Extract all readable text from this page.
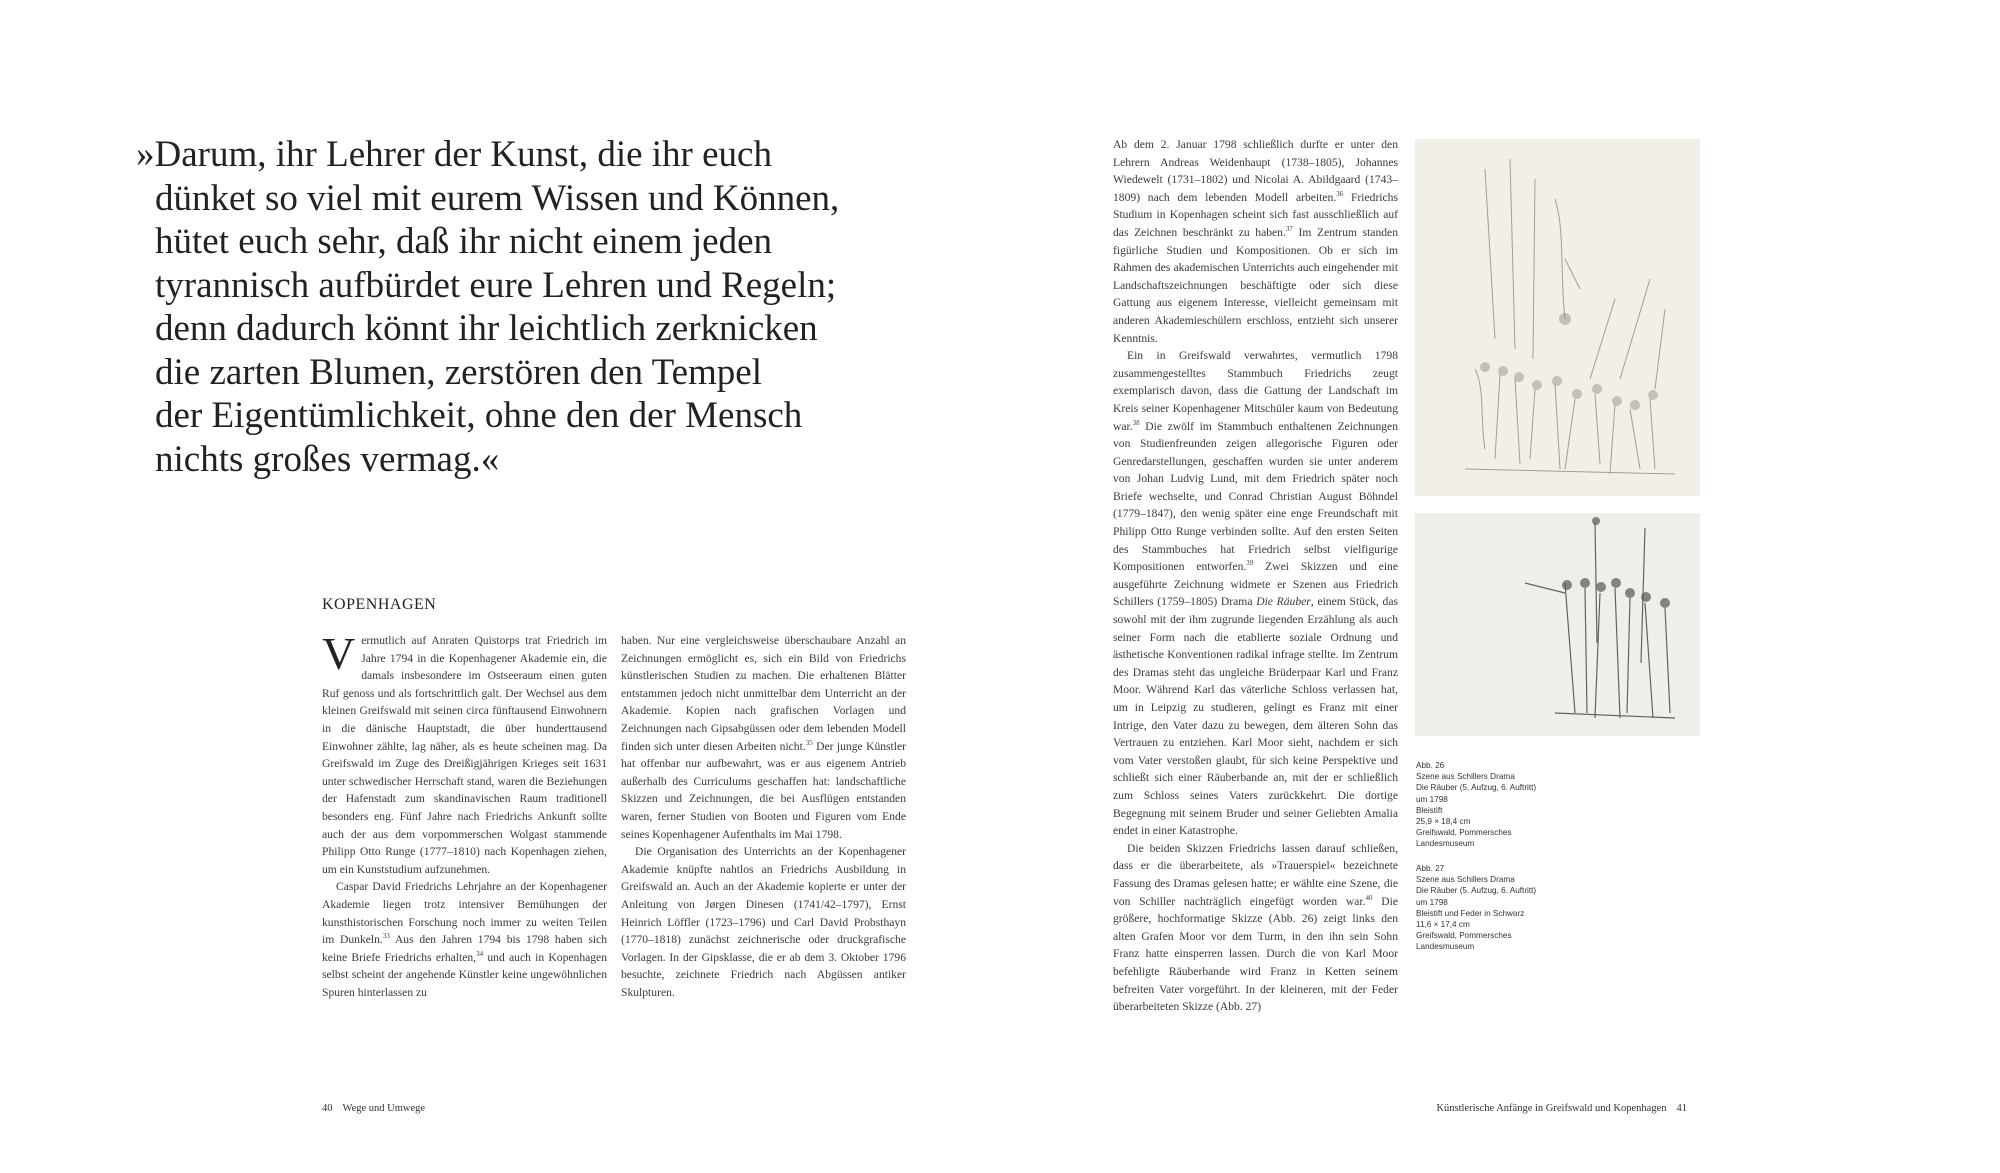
»Darum, ihr Lehrer der Kunst, die ihr euch
dünket so viel mit eurem Wissen und Können,
hütet euch sehr, daß ihr nicht einem jeden
tyrannisch aufbürdet eure Lehren und Regeln;
denn dadurch könnt ihr leichtlich zerknicken
die zarten Blumen, zerstören den Tempel
der Eigentümlichkeit, ohne den der Mensch
nichts großes vermag.«
KOPENHAGEN

Vermutlich auf Anraten Quistorps trat Friedrich im Jahre 1794 in die Kopenhagener Akademie ein, die damals insbesondere im Ostseeraum einen guten Ruf genoss und als fortschrittlich galt. Der Wechsel aus dem kleinen Greifswald mit seinen circa fünftausend Einwohnern in die dänische Hauptstadt, die über hunderttausend Einwohner zählte, lag näher, als es heute scheinen mag. Da Greifswald im Zuge des Dreißigjährigen Krieges seit 1631 unter schwedischer Herrschaft stand, waren die Beziehungen der Hafenstadt zum skandinavischen Raum traditionell besonders eng. Fünf Jahre nach Friedrichs Ankunft sollte auch der aus dem vorpommerschen Wolgast stammende Philipp Otto Runge (1777–1810) nach Kopenhagen ziehen, um ein Kunststudium aufzunehmen.

Caspar David Friedrichs Lehrjahre an der Kopenhagener Akademie liegen trotz intensiver Bemühungen der kunsthistorischen Forschung noch immer zu weiten Teilen im Dunkeln.$^{33}$ Aus den Jahren 1794 bis 1798 haben sich keine Briefe Friedrichs erhalten,$^{34}$ und auch in Kopenhagen selbst scheint der angehende Künstler keine ungewöhnlichen Spuren hinterlassen zu

haben. Nur eine vergleichsweise überschaubare Anzahl an Zeichnungen ermöglicht es, sich ein Bild von Friedrichs künstlerischen Studien zu machen. Die erhaltenen Blätter entstammen jedoch nicht unmittelbar dem Unterricht an der Akademie. Kopien nach grafischen Vorlagen und Zeichnungen nach Gipsabgüssen oder dem lebenden Modell finden sich unter diesen Arbeiten nicht.$^{35}$ Der junge Künstler hat offenbar nur aufbewahrt, was er aus eigenem Antrieb außerhalb des Curriculums geschaffen hat: landschaftliche Skizzen und Zeichnungen, die bei Ausflügen entstanden waren, ferner Studien von Booten und Figuren vom Ende seines Kopenhagener Aufenthalts im Mai 1798.

Die Organisation des Unterrichts an der Kopenhagener Akademie knüpfte nahtlos an Friedrichs Ausbildung in Greifswald an. Auch an der Akademie kopierte er unter der Anleitung von Jørgen Dinesen (1741/42–1797), Ernst Heinrich Löffler (1723–1796) und Carl David Probsthayn (1770–1818) zunächst zeichnerische oder druckgrafische Vorlagen. In der Gipsklasse, die er ab dem 3. Oktober 1796 besuchte, zeichnete Friedrich nach Abgüssen antiker Skulpturen.

40 Wege und Umwege

Ab dem 2. Januar 1798 schließlich durfte er unter den Lehrern Andreas Weidenhaupt (1738–1805), Johannes Wiedewelt (1731–1802) und Nicolai A. Abildgaard (1743–1809) nach dem lebenden Modell arbeiten.$^{36}$ Friedrichs Studium in Kopenhagen scheint sich fast ausschließlich auf das Zeichnen beschränkt zu haben.$^{37}$ Im Zentrum standen figürliche Studien und Kompositionen. Ob er sich im Rahmen des akademischen Unterrichts auch eingehender mit Landschaftszeichnungen beschäftigte oder sich diese Gattung aus eigenem Interesse, vielleicht gemeinsam mit anderen Akademieschülern erschloss, entzieht sich unserer Kenntnis.

Ein in Greifswald verwahrtes, vermutlich 1798 zusammengestelltes Stammbuch Friedrichs zeugt exemplarisch davon, dass die Gattung der Landschaft im Kreis seiner Kopenhagener Mitschüler kaum von Bedeutung war.$^{38}$ Die zwölf im Stammbuch enthaltenen Zeichnungen von Studienfreunden zeigen allegorische Figuren oder Genredarstellungen, geschaffen wurden sie unter anderem von Johan Ludvig Lund, mit dem Friedrich später noch Briefe wechselte, und Conrad Christian August Böhndel (1779–1847), den wenig später eine enge Freundschaft mit Philipp Otto Runge verbinden sollte. Auf den ersten Seiten des Stammbuches hat Friedrich selbst vielfigurige Kompositionen entworfen.$^{39}$ Zwei Skizzen und eine ausgeführte Zeichnung widmete er Szenen aus Friedrich Schillers (1759–1805) Drama Die Räuber, einem Stück, das sowohl mit der ihm zugrunde liegenden Erzählung als auch seiner Form nach die etablierte soziale Ordnung und ästhetische Konventionen radikal infrage stellte. Im Zentrum des Dramas steht das ungleiche Brüderpaar Karl und Franz Moor. Während Karl das väterliche Schloss verlassen hat, um in Leipzig zu studieren, gelingt es Franz mit einer Intrige, den Vater dazu zu bewegen, dem älteren Sohn das Vertrauen zu entziehen. Karl Moor sieht, nachdem er sich vom Vater verstoßen glaubt, für sich keine Perspektive und schließt sich einer Räuberbande an, mit der er schließlich zum Schloss seines Vaters zurückkehrt. Die dortige Begegnung mit seinem Bruder und seiner Geliebten Amalia endet in einer Katastrophe.

Die beiden Skizzen Friedrichs lassen darauf schließen, dass er die überarbeitete, als »Trauerspiel« bezeichnete Fassung des Dramas gelesen hatte; er wählte eine Szene, die von Schiller nachträglich eingefügt worden war.$^{40}$ Die größere, hochformatige Skizze (Abb. 26) zeigt links den alten Grafen Moor vor dem Turm, in den ihn sein Sohn Franz hatte einsperren lassen. Durch die von Karl Moor befehligte Räuberbande wird Franz in Ketten seinem befreiten Vater vorgeführt. In der kleineren, mit der Feder überarbeiteten Skizze (Abb. 27)

Abb. 26
Szene aus Schillers Drama
Die Räuber (5. Aufzug, 6. Auftritt)
um 1798
Bleistift
25,9 × 18,4 cm
Greifswald, Pommersches
Landesmuseum
Abb. 27
Szene aus Schillers Drama
Die Räuber (5. Aufzug, 6. Auftritt)
um 1798
Bleistift und Feder in Schwarz
11,6 × 17,4 cm
Greifswald, Pommersches
Landesmuseum
Künstlerische Anfänge in Greifswald und Kopenhagen 41
